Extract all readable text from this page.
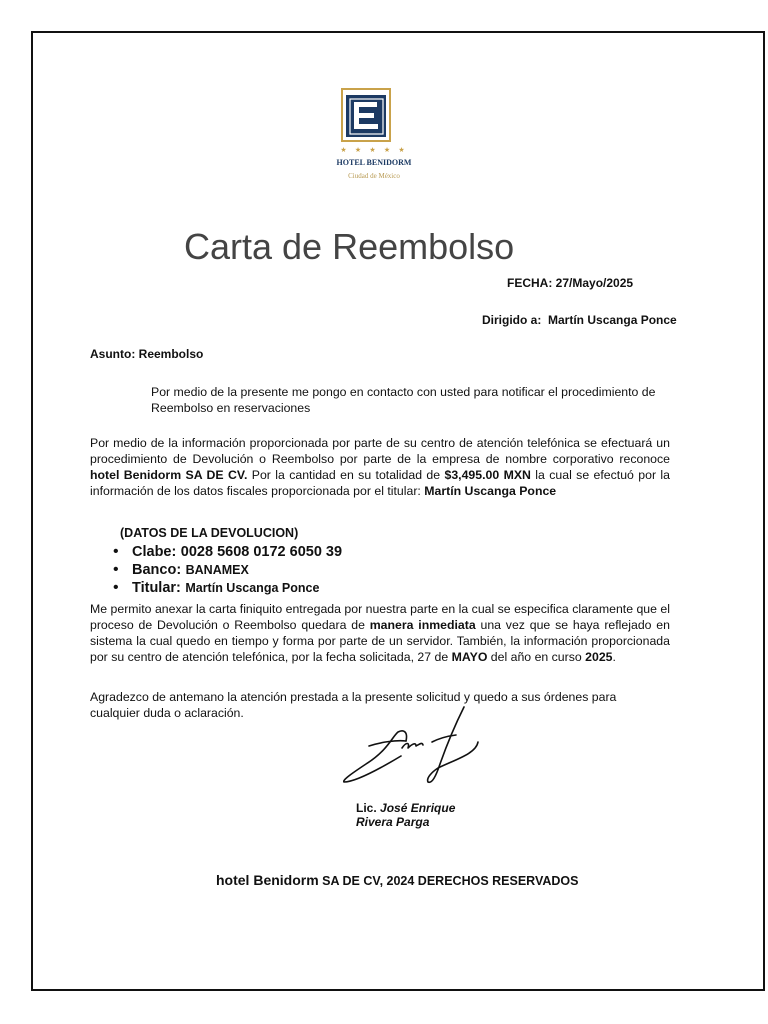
★ ★ ★ ★ ★
HOTEL BENIDORM
Ciudad de México
Carta de Reembolso
FECHA: 27/Mayo/2025
Dirigido a: Martín Uscanga Ponce
Asunto: Reembolso
Por medio de la presente me pongo en contacto con usted para notificar el procedimiento de Reembolso en reservaciones
Por medio de la información proporcionada por parte de su centro de atención telefónica se efectuará un procedimiento de Devolución o Reembolso por parte de la empresa de nombre corporativo reconoce hotel Benidorm SA DE CV. Por la cantidad en su totalidad de $3,495.00 MXN la cual se efectuó por la información de los datos fiscales proporcionada por el titular: Martín Uscanga Ponce
(DATOS DE LA DEVOLUCION)
• Clabe: 0028 5608 0172 6050 39
• Banco: BANAMEX
• Titular: Martín Uscanga Ponce
Me permito anexar la carta finiquito entregada por nuestra parte en la cual se especifica claramente que el proceso de Devolución o Reembolso quedara de manera inmediata una vez que se haya reflejado en sistema la cual quedo en tiempo y forma por parte de un servidor. También, la información proporcionada por su centro de atención telefónica, por la fecha solicitada, 27 de MAYO del año en curso 2025.
Agradezco de antemano la atención prestada a la presente solicitud y quedo a sus órdenes para cualquier duda o aclaración.
Lic. José Enrique
Rivera Parga
hotel Benidorm SA DE CV, 2024 DERECHOS RESERVADOS
